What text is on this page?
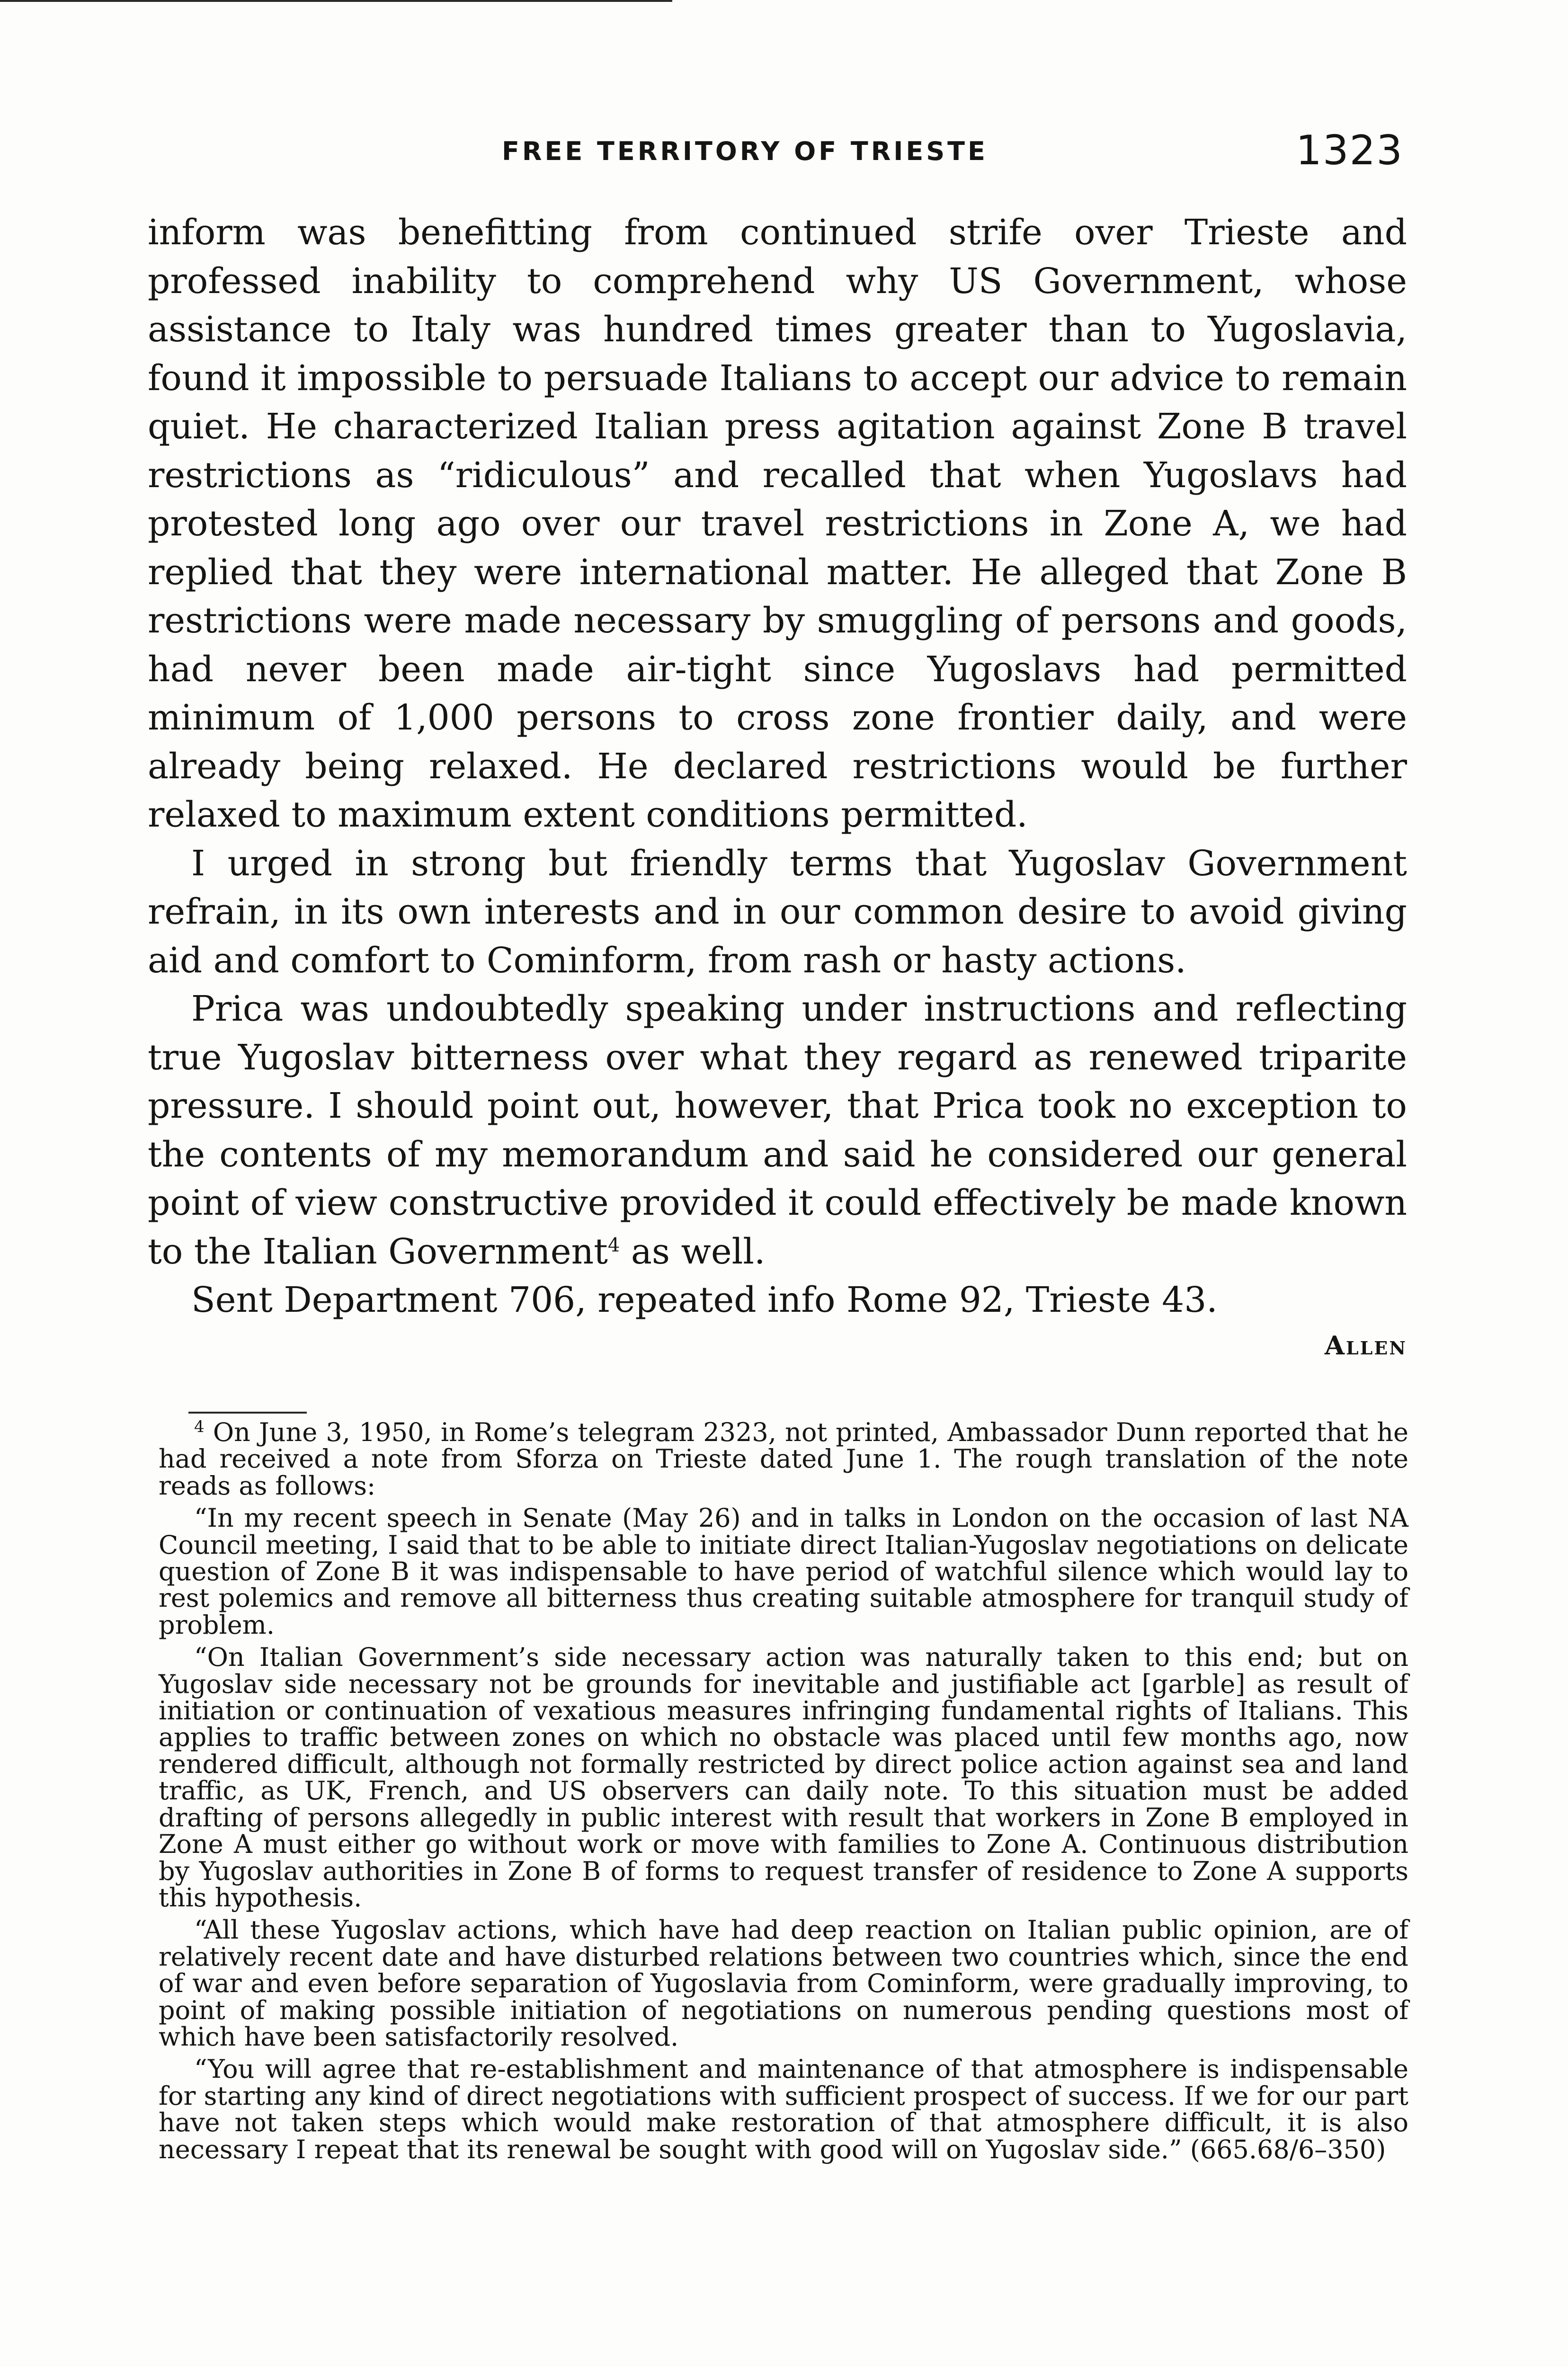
FREE TERRITORY OF TRIESTE	1323

inform was benefitting from continued strife over Trieste and professed inability to comprehend why US Government, whose assistance to Italy was hundred times greater than to Yugoslavia, found it impossible to persuade Italians to accept our advice to remain quiet. He characterized Italian press agitation against Zone B travel restrictions as “ridiculous” and recalled that when Yugoslavs had protested long ago over our travel restrictions in Zone A, we had replied that they were international matter. He alleged that Zone B restrictions were made necessary by smuggling of persons and goods, had never been made air-tight since Yugoslavs had permitted minimum of 1,000 persons to cross zone frontier daily, and were already being relaxed. He declared restrictions would be further relaxed to maximum extent conditions permitted.

I urged in strong but friendly terms that Yugoslav Government refrain, in its own interests and in our common desire to avoid giving aid and comfort to Cominform, from rash or hasty actions.

Prica was undoubtedly speaking under instructions and reflecting true Yugoslav bitterness over what they regard as renewed triparite pressure. I should point out, however, that Prica took no exception to the contents of my memorandum and said he considered our general point of view constructive provided it could effectively be made known to the Italian Government$^4$ as well.

Sent Department 706, repeated info Rome 92, Trieste 43.

Allen

$^4$ On June 3, 1950, in Rome’s telegram 2323, not printed, Ambassador Dunn reported that he had received a note from Sforza on Trieste dated June 1. The rough translation of the note reads as follows:

“In my recent speech in Senate (May 26) and in talks in London on the occasion of last NA Council meeting, I said that to be able to initiate direct Italian-Yugoslav negotiations on delicate question of Zone B it was indispensable to have period of watchful silence which would lay to rest polemics and remove all bitterness thus creating suitable atmosphere for tranquil study of problem.

“On Italian Government’s side necessary action was naturally taken to this end; but on Yugoslav side necessary not be grounds for inevitable and justifiable act [garble] as result of initiation or continuation of vexatious measures infringing fundamental rights of Italians. This applies to traffic between zones on which no obstacle was placed until few months ago, now rendered difficult, although not formally restricted by direct police action against sea and land traffic, as UK, French, and US observers can daily note. To this situation must be added drafting of persons allegedly in public interest with result that workers in Zone B employed in Zone A must either go without work or move with families to Zone A. Continuous distribution by Yugoslav authorities in Zone B of forms to request transfer of residence to Zone A supports this hypothesis.

“All these Yugoslav actions, which have had deep reaction on Italian public opinion, are of relatively recent date and have disturbed relations between two countries which, since the end of war and even before separation of Yugoslavia from Cominform, were gradually improving, to point of making possible initiation of negotiations on numerous pending questions most of which have been satisfactorily resolved.

“You will agree that re-establishment and maintenance of that atmosphere is indispensable for starting any kind of direct negotiations with sufficient prospect of success. If we for our part have not taken steps which would make restoration of that atmosphere difficult, it is also necessary I repeat that its renewal be sought with good will on Yugoslav side.” (665.68/6–350)
